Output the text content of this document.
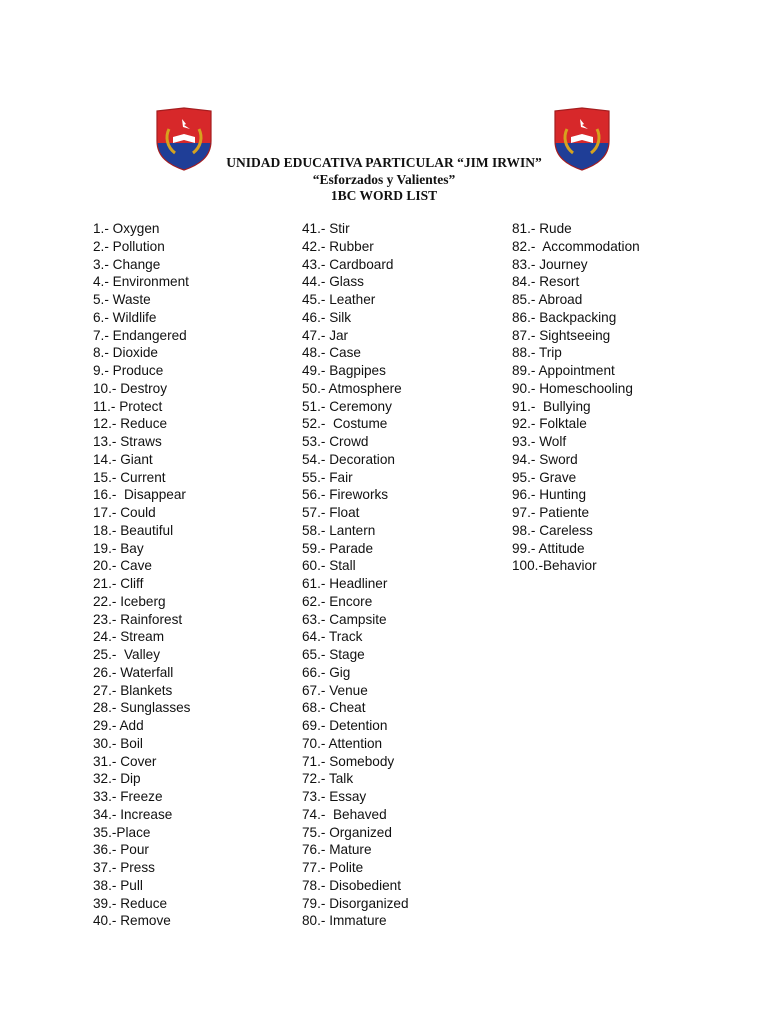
UNIDAD EDUCATIVA PARTICULAR “JIM IRWIN”
“Esforzados y Valientes”
1BC WORD LIST
1.- Oxygen
2.- Pollution
3.- Change
4.- Environment
5.- Waste
6.- Wildlife
7.- Endangered
8.- Dioxide
9.- Produce
10.- Destroy
11.- Protect
12.- Reduce
13.- Straws
14.- Giant
15.- Current
16.-  Disappear
17.- Could
18.- Beautiful
19.- Bay
20.- Cave
21.- Cliff
22.- Iceberg
23.- Rainforest
24.- Stream
25.-  Valley
26.- Waterfall
27.- Blankets
28.- Sunglasses
29.- Add
30.- Boil
31.- Cover
32.- Dip
33.- Freeze
34.- Increase
35.-Place
36.- Pour
37.- Press
38.- Pull
39.- Reduce
40.- Remove
41.- Stir
42.- Rubber
43.- Cardboard
44.- Glass
45.- Leather
46.- Silk
47.- Jar
48.- Case
49.- Bagpipes
50.- Atmosphere
51.- Ceremony
52.-  Costume
53.- Crowd
54.- Decoration
55.- Fair
56.- Fireworks
57.- Float
58.- Lantern
59.- Parade
60.- Stall
61.- Headliner
62.- Encore
63.- Campsite
64.- Track
65.- Stage
66.- Gig
67.- Venue
68.- Cheat
69.- Detention
70.- Attention
71.- Somebody
72.- Talk
73.- Essay
74.-  Behaved
75.- Organized
76.- Mature
77.- Polite
78.- Disobedient
79.- Disorganized
80.- Immature
81.- Rude
82.-  Accommodation
83.- Journey
84.- Resort
85.- Abroad
86.- Backpacking
87.- Sightseeing
88.- Trip
89.- Appointment
90.- Homeschooling
91.-  Bullying
92.- Folktale
93.- Wolf
94.- Sword
95.- Grave
96.- Hunting
97.- Patiente
98.- Careless
99.- Attitude
100.-Behavior
